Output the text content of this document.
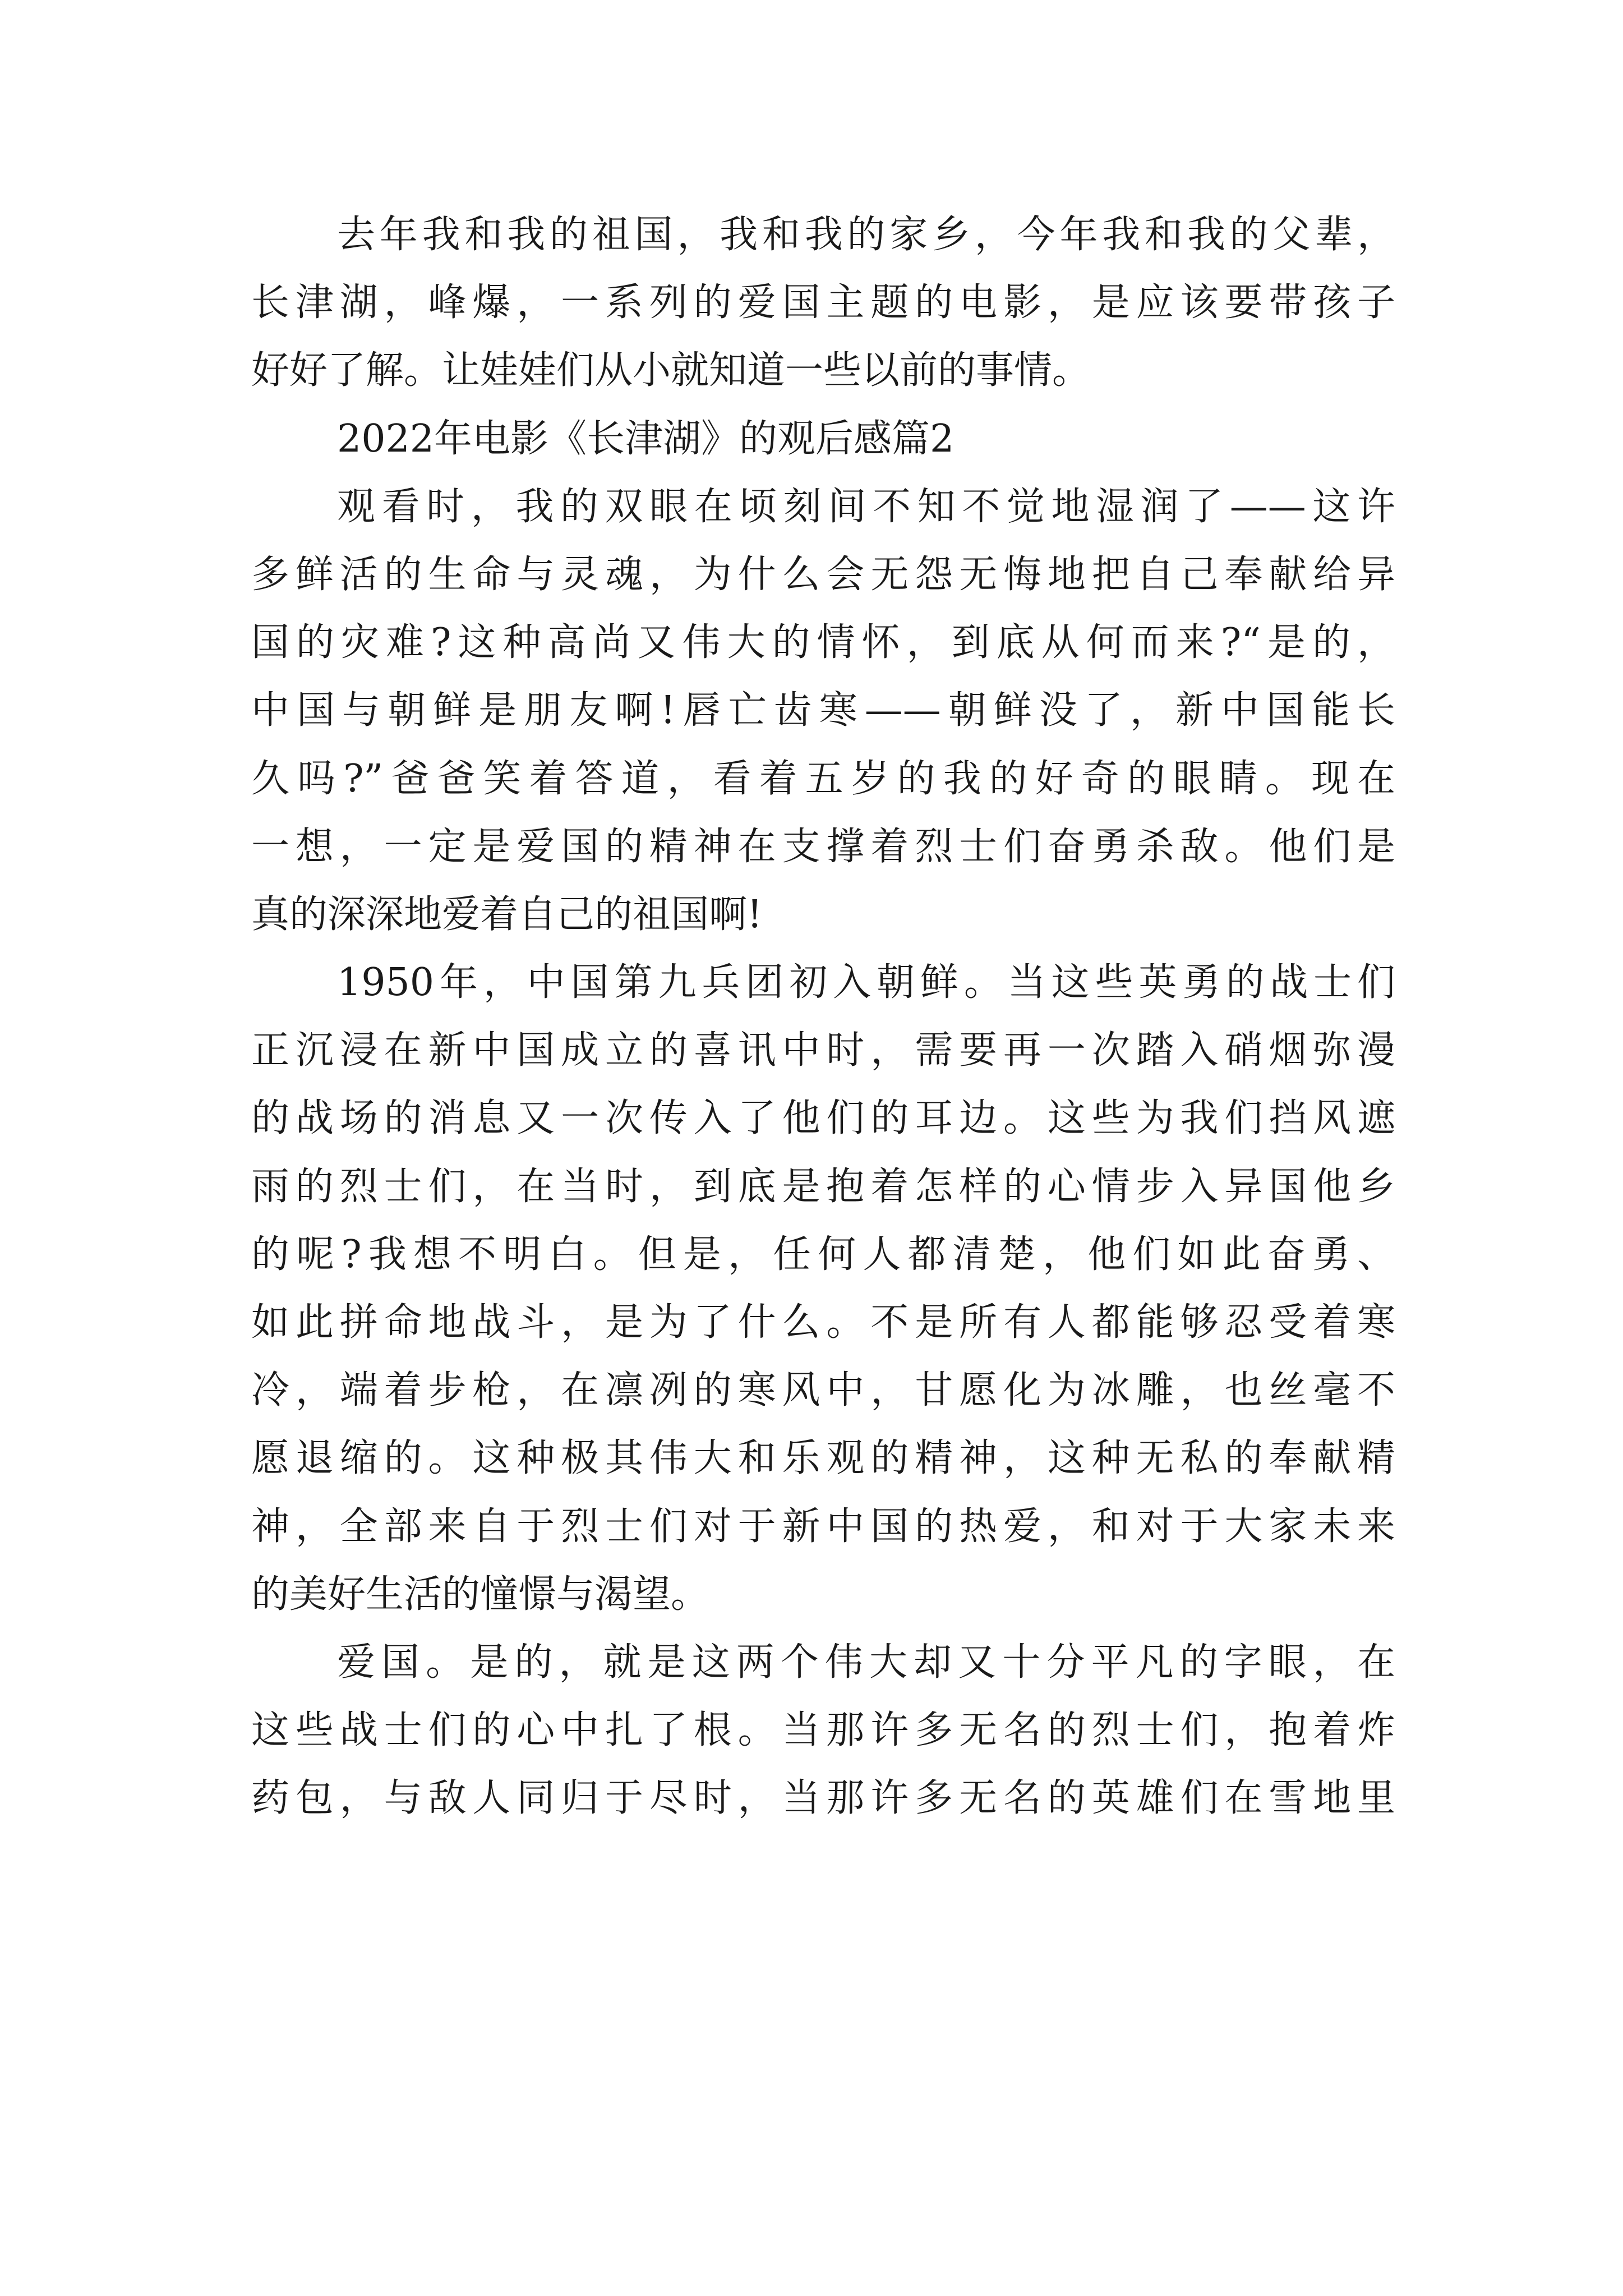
去年我和我的祖国，我和我的家乡，今年我和我的父辈，
长津湖，峰爆，一系列的爱国主题的电影，是应该要带孩子
好好了解。让娃娃们从小就知道一些以前的事情。
2022年电影《长津湖》的观后感篇2
观看时，我的双眼在顷刻间不知不觉地湿润了——这许
多鲜活的生命与灵魂，为什么会无怨无悔地把自己奉献给异
国的灾难?这种高尚又伟大的情怀，到底从何而来?“是的，
中国与朝鲜是朋友啊!唇亡齿寒——朝鲜没了，新中国能长
久吗?”爸爸笑着答道，看着五岁的我的好奇的眼睛。现在
一想，一定是爱国的精神在支撑着烈士们奋勇杀敌。他们是
真的深深地爱着自己的祖国啊!
1950年，中国第九兵团初入朝鲜。当这些英勇的战士们
正沉浸在新中国成立的喜讯中时，需要再一次踏入硝烟弥漫
的战场的消息又一次传入了他们的耳边。这些为我们挡风遮
雨的烈士们，在当时，到底是抱着怎样的心情步入异国他乡
的呢?我想不明白。但是，任何人都清楚，他们如此奋勇、
如此拼命地战斗，是为了什么。不是所有人都能够忍受着寒
冷，端着步枪，在凛冽的寒风中，甘愿化为冰雕，也丝毫不
愿退缩的。这种极其伟大和乐观的精神，这种无私的奉献精
神，全部来自于烈士们对于新中国的热爱，和对于大家未来
的美好生活的憧憬与渴望。
爱国。是的，就是这两个伟大却又十分平凡的字眼，在
这些战士们的心中扎了根。当那许多无名的烈士们，抱着炸
药包，与敌人同归于尽时，当那许多无名的英雄们在雪地里
